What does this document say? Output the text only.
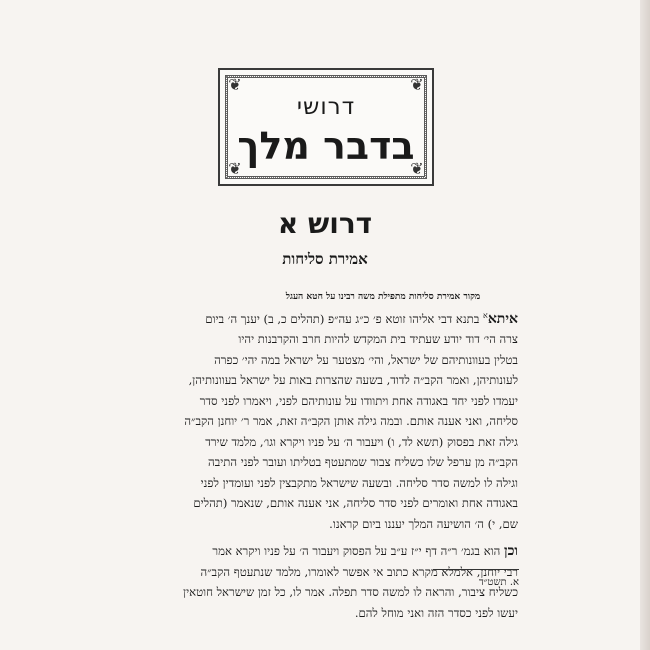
❦	❦
❦	❦
דרושי
בדבר מלך
דרוש א
אמירת סליחות
מקור אמירת סליחות מתפילת משה רבינו על חטא העגל
איתא$^א$ בתנא דבי אליהו זוטא פ׳ כ״ג עה״פ (תהלים כ, ב) יענך ה׳ ביום
צרה הי׳ דוד יודע שעתיד בית המקדש להיות חרב והקרבנות יהיו
בטלין בעוונותיהם של ישראל, והי׳ מצטער על ישראל במה יהי׳ כפרה
לעונותיהן, ואמר הקב״ה לדוד, בשעה שהצרות באות על ישראל בעוונותיהן,
יעמדו לפני יחד באגודה אחת ויתוודו על עונותיהם לפני, ויאמרו לפני סדר
סליחה, ואני אענה אותם. ובמה גילה אותן הקב״ה זאת, אמר ר׳ יוחנן הקב״ה
גילה זאת בפסוק (תשא לד, ו) ויעבור ה׳ על פניו ויקרא וגו׳, מלמד שירד
הקב״ה מן ערפל שלו כשליח צבור שמתעטף בטליתו ועובר לפני התיבה
וגילה לו למשה סדר סליחה. ובשעה שישראל מתקבצין לפני ועומדין לפני
באגודה אחת ואומרים לפני סדר סליחה, אני אענה אותם, שנאמר (תהלים
שם, י) ה׳ הושיעה המלך יעננו ביום קראנו.
וכן הוא בגמ׳ ר״ה דף י״ז ע״ב על הפסוק ויעבור ה׳ על פניו ויקרא אמר
רבי יוחנן, אלמלא מקרא כתוב אי אפשר לאומרו, מלמד שנתעטף הקב״ה
כשליח ציבור, והראה לו למשה סדר תפלה. אמר לו, כל זמן שישראל חוטאין
יעשו לפני כסדר הזה ואני מוחל להם.
א. תשט״ד
